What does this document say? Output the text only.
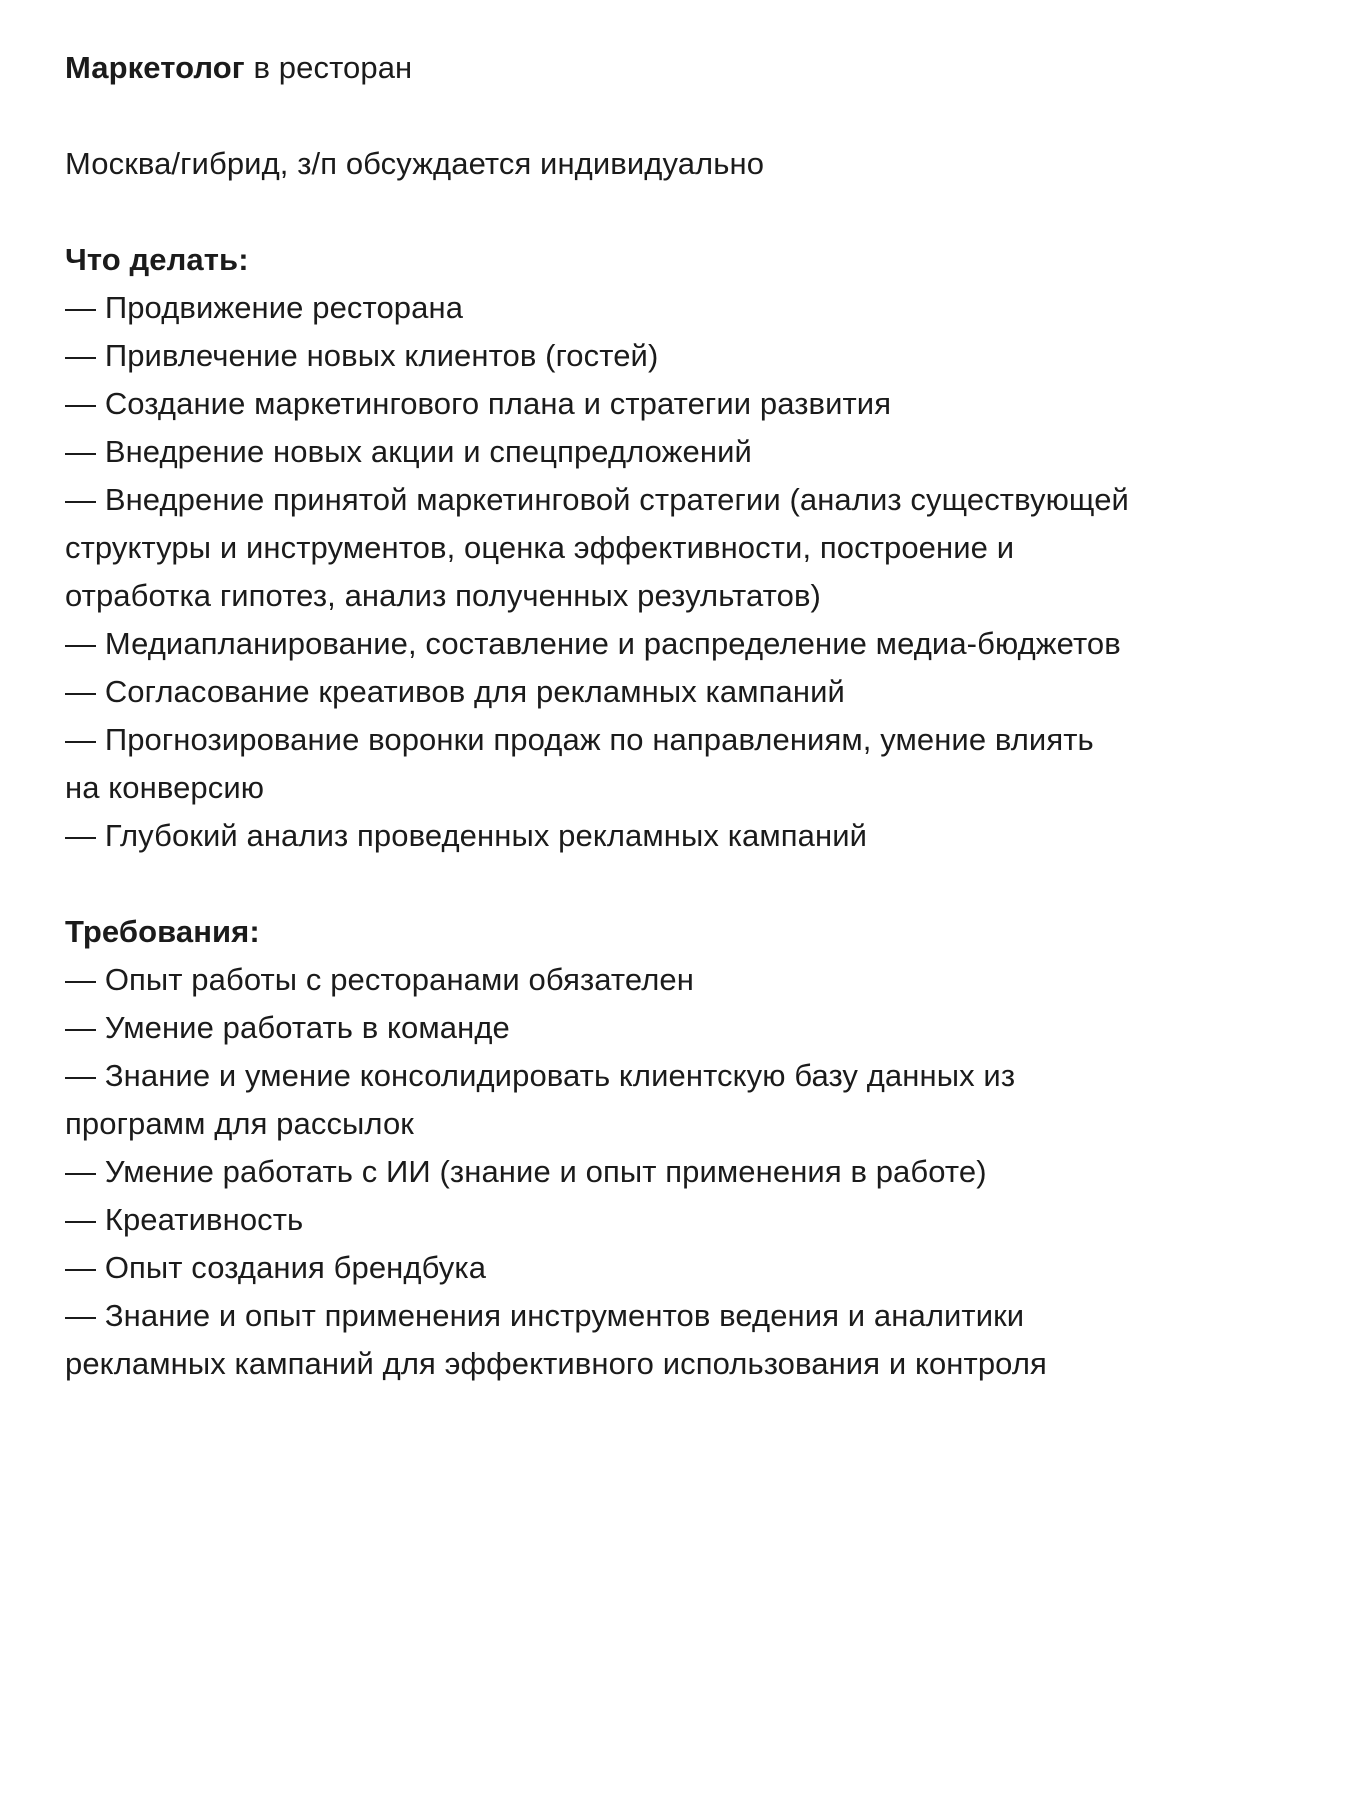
Маркетолог в ресторан

Москва/гибрид, з/п обсуждается индивидуально

Что делать:

— Продвижение ресторана

— Привлечение новых клиентов (гостей)

— Создание маркетингового плана и стратегии развития

— Внедрение новых акции и спецпредложений

— Внедрение принятой маркетинговой стратегии (анализ существующей структуры и инструментов, оценка эффективности, построение и отработка гипотез, анализ полученных результатов)

— Медиапланирование, составление и распределение медиа-бюджетов

— Согласование креативов для рекламных кампаний

— Прогнозирование воронки продаж по направлениям, умение влиять на конверсию

— Глубокий анализ проведенных рекламных кампаний

Требования:

— Опыт работы с ресторанами обязателен

— Умение работать в команде

— Знание и умение консолидировать клиентскую базу данных из программ для рассылок

— Умение работать с ИИ (знание и опыт применения в работе)

— Креативность

— Опыт создания брендбука

— Знание и опыт применения инструментов ведения и аналитики рекламных кампаний для эффективного использования и контроля
